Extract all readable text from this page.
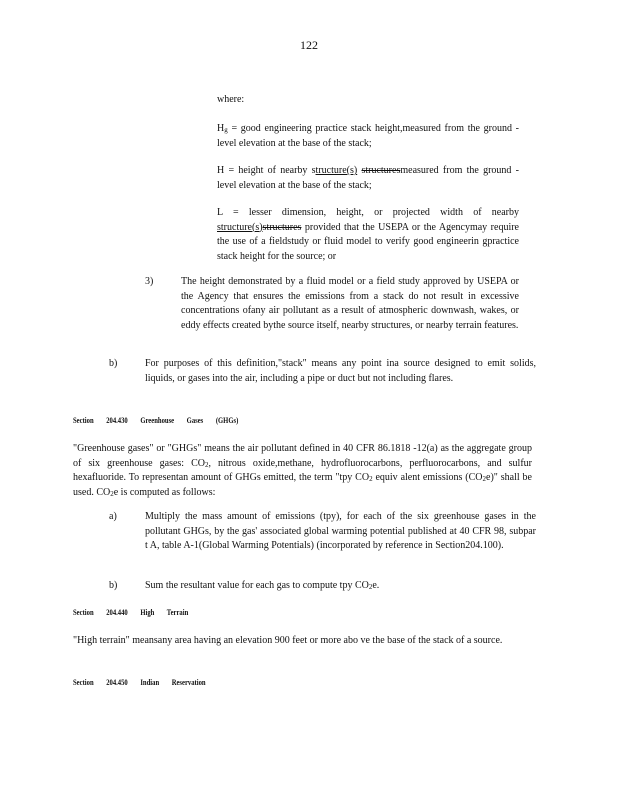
122
where:
$H_g$ = good engineering practice stack height,measured from the ground -level elevation at the base of the stack;
H = height of nearby structure(s) structuresmeasured from the ground -level elevation at the base of the stack;
L = lesser dimension, height, or projected width of nearby structure(s)structures provided that the USEPA or the Agencymay require the use of a fieldstudy or fluid model to verify good engineerin gpractice stack height for the source; or
3)	The height demonstrated by a fluid model or a field study approved by USEPA or the Agency that ensures the emissions from a stack do not result in excessive concentrations ofany air pollutant as a result of atmospheric downwash, wakes, or eddy effects created bythe source itself, nearby structures, or nearby terrain features.
b)	For purposes of this definition,"stack" means any point ina source designed to emit solids, liquids, or gases into the air, including a pipe or duct but not including flares.
Section 204.430 Greenhouse Gases (GHGs)
"Greenhouse gases" or "GHGs" means the air pollutant defined in 40 CFR 86.1818 -12(a) as the aggregate group of six greenhouse gases: $CO_2$, nitrous oxide,methane, hydrofluorocarbons, perfluorocarbons, and sulfur hexafluoride. To representan amount of GHGs emitted, the term "tpy $CO_2$ equiv alent emissions $(CO_2e)$" shall be used. $CO_2e$ is computed as follows:
a)	Multiply the mass amount of emissions (tpy), for each of the six greenhouse gases in the pollutant GHGs, by the gas' associated global warming potential published at 40 CFR 98, subpar t A, table A-1(Global Warming Potentials) (incorporated by reference in Section204.100).
b)	Sum the resultant value for each gas to compute tpy $CO_2e$.
Section 204.440 High Terrain
"High terrain" meansany area having an elevation 900 feet or more abo ve the base of the stack of a source.
Section 204.450 Indian Reservation
